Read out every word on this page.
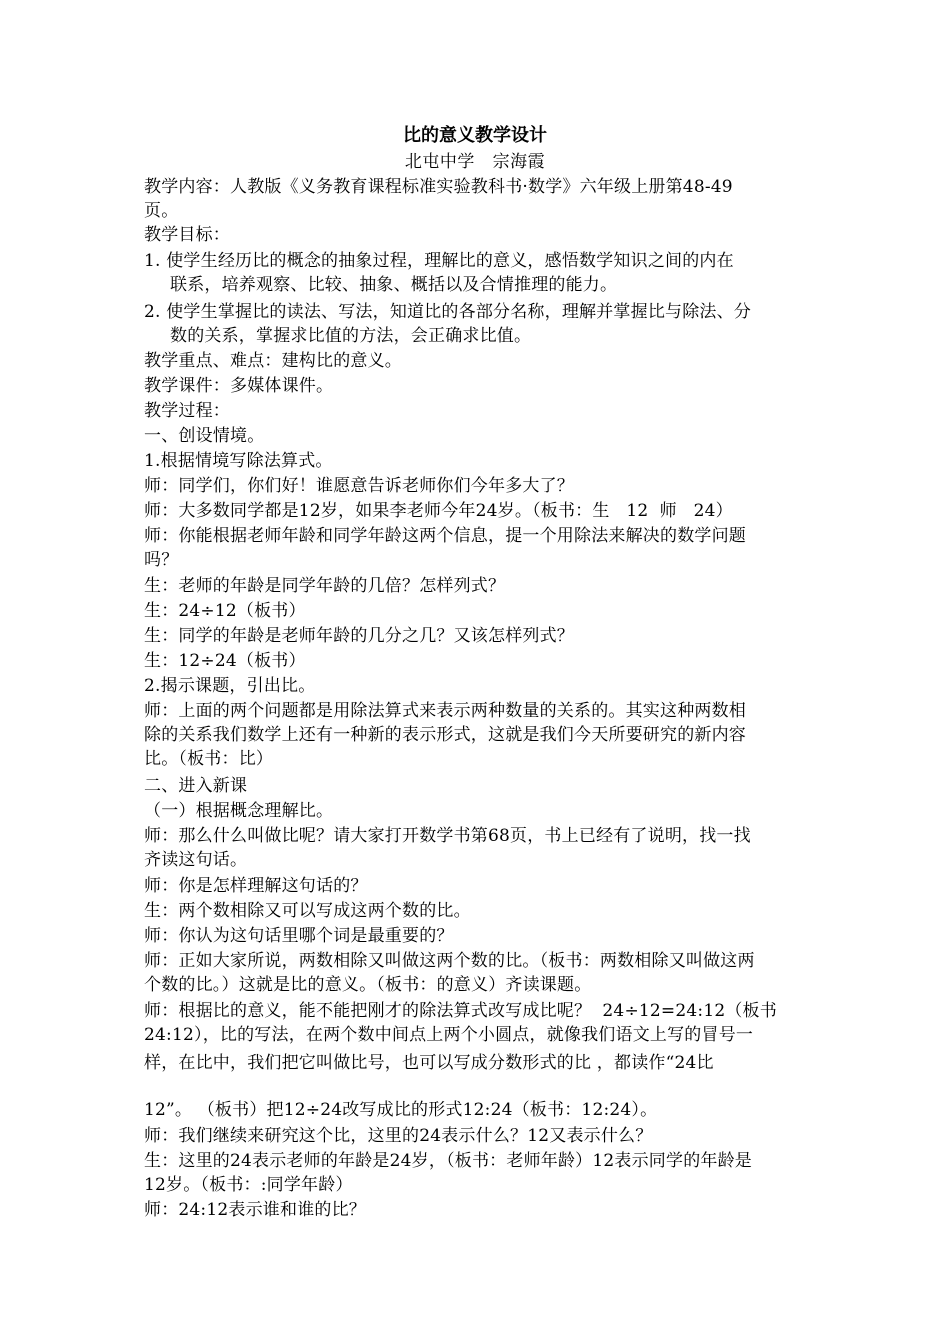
比的意义教学设计
北屯中学   宗海霞
教学内容：人教版《义务教育课程标准实验教科书·数学》六年级上册第48-49
页。
教学目标：
1. 使学生经历比的概念的抽象过程，理解比的意义，感悟数学知识之间的内在
联系，培养观察、比较、抽象、概括以及合情推理的能力。
2. 使学生掌握比的读法、写法，知道比的各部分名称，理解并掌握比与除法、分
数的关系，掌握求比值的方法，会正确求比值。
教学重点、难点：建构比的意义。
教学课件：多媒体课件。
教学过程：
一、创设情境。
1.根据情境写除法算式。
师：同学们，你们好！谁愿意告诉老师你们今年多大了？
师：大多数同学都是12岁，如果李老师今年24岁。（板书：生   12  师   24）
师：你能根据老师年龄和同学年龄这两个信息，提一个用除法来解决的数学问题
吗？
生：老师的年龄是同学年龄的几倍？怎样列式？
生：24÷12（板书）
生：同学的年龄是老师年龄的几分之几？又该怎样列式？
生：12÷24（板书）
2.揭示课题，引出比。
师：上面的两个问题都是用除法算式来表示两种数量的关系的。其实这种两数相
除的关系我们数学上还有一种新的表示形式，这就是我们今天所要研究的新内容
比。（板书：比）
二、进入新课
（一）根据概念理解比。
师：那么什么叫做比呢？请大家打开数学书第68页，书上已经有了说明，找一找
齐读这句话。
师：你是怎样理解这句话的？
生：两个数相除又可以写成这两个数的比。
师：你认为这句话里哪个词是最重要的？
师：正如大家所说，两数相除又叫做这两个数的比。（板书：两数相除又叫做这两
个数的比。）这就是比的意义。（板书：的意义）齐读课题。
师：根据比的意义，能不能把刚才的除法算式改写成比呢？  24÷12=24:12（板书
24:12），比的写法，在两个数中间点上两个小圆点，就像我们语文上写的冒号一
样，在比中，我们把它叫做比号，也可以写成分数形式的比 ，都读作“24比
12”。 （板书）把12÷24改写成比的形式12:24（板书：12:24）。
师：我们继续来研究这个比，这里的24表示什么？12又表示什么？
生：这里的24表示老师的年龄是24岁，（板书：老师年龄）12表示同学的年龄是
12岁。（板书：:同学年龄）
师：24:12表示谁和谁的比？
